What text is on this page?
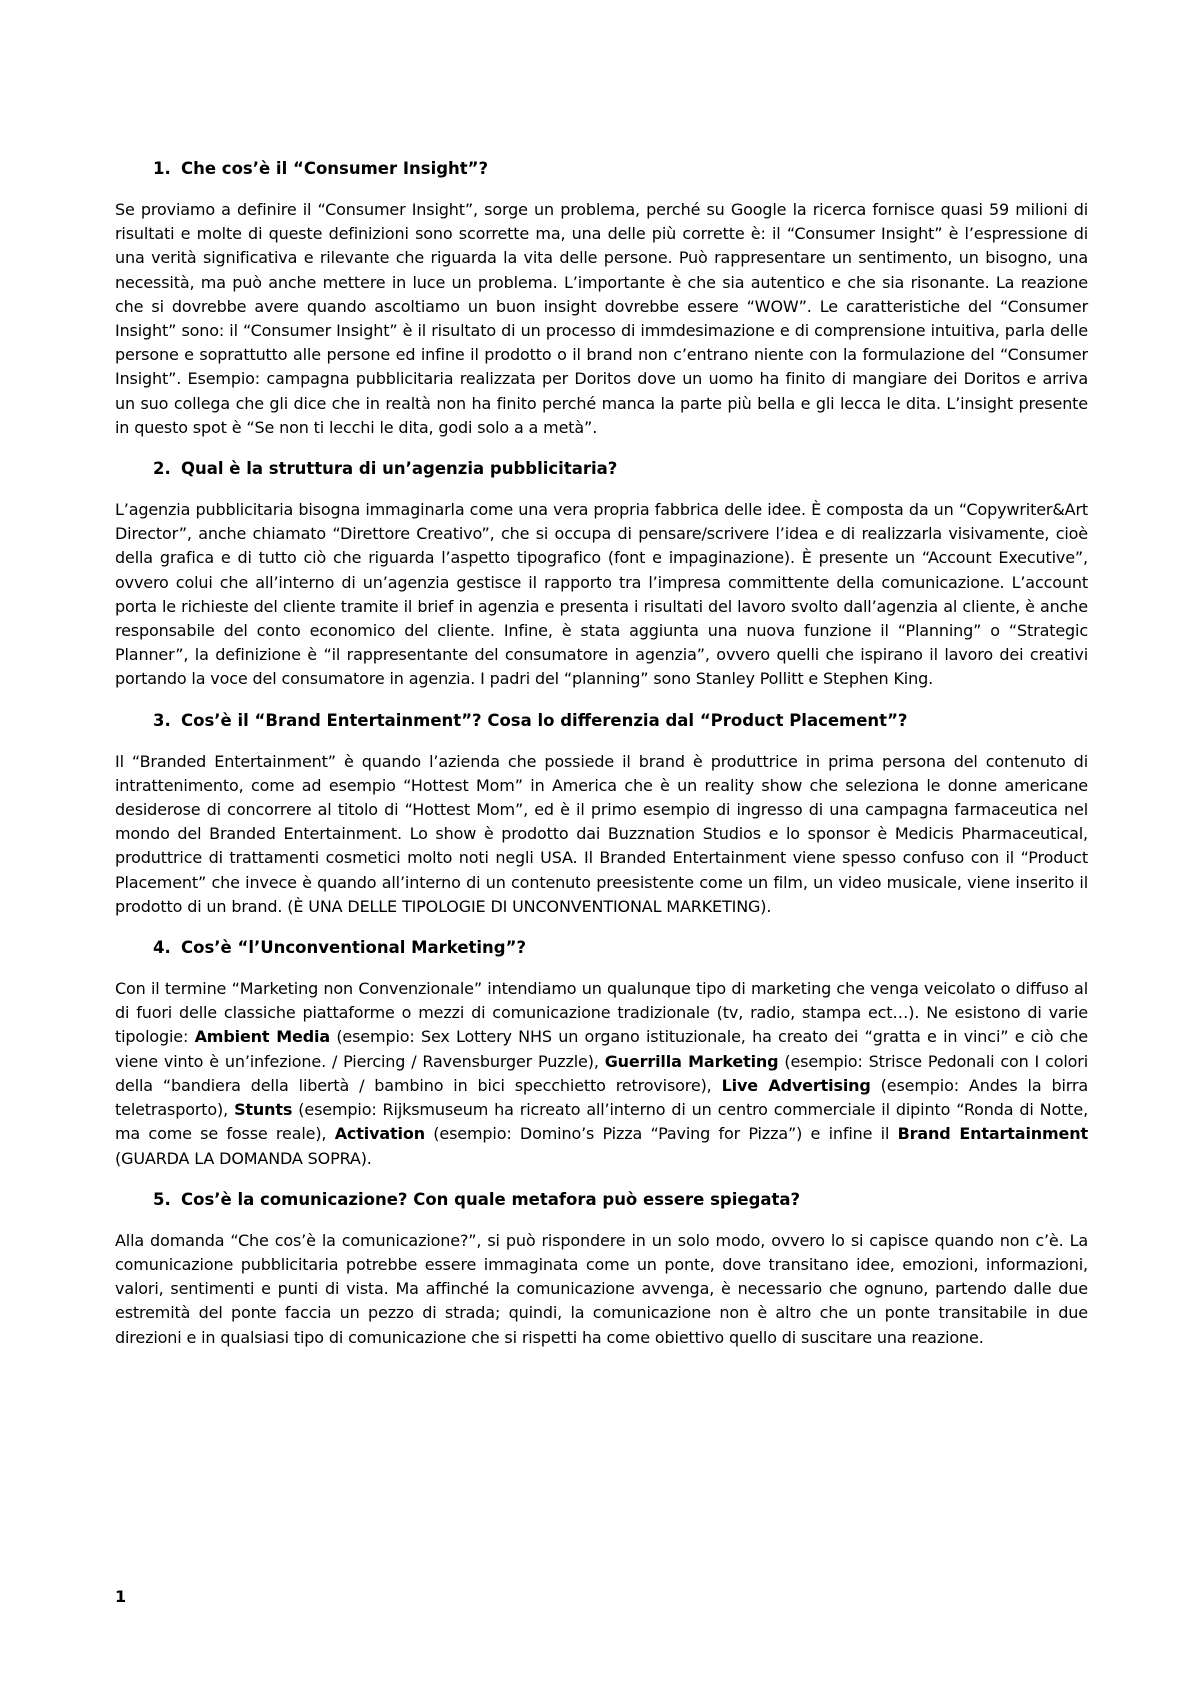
1. Che cos’è il “Consumer Insight”?

Se proviamo a definire il “Consumer Insight”, sorge un problema, perché su Google la ricerca fornisce quasi 59 milioni di risultati e molte di queste definizioni sono scorrette ma, una delle più corrette è: il “Consumer Insight” è l’espressione di una verità significativa e rilevante che riguarda la vita delle persone. Può rappresentare un sentimento, un bisogno, una necessità, ma può anche mettere in luce un problema. L’importante è che sia autentico e che sia risonante. La reazione che si dovrebbe avere quando ascoltiamo un buon insight dovrebbe essere “WOW”. Le caratteristiche del “Consumer Insight” sono: il “Consumer Insight” è il risultato di un processo di immdesimazione e di comprensione intuitiva, parla delle persone e soprattutto alle persone ed infine il prodotto o il brand non c’entrano niente con la formulazione del “Consumer Insight”. Esempio: campagna pubblicitaria realizzata per Doritos dove un uomo ha finito di mangiare dei Doritos e arriva un suo collega che gli dice che in realtà non ha finito perché manca la parte più bella e gli lecca le dita. L’insight presente in questo spot è “Se non ti lecchi le dita, godi solo a a metà”.

2. Qual è la struttura di un’agenzia pubblicitaria?

L’agenzia pubblicitaria bisogna immaginarla come una vera propria fabbrica delle idee. È composta da un “Copywriter&Art Director”, anche chiamato “Direttore Creativo”, che si occupa di pensare/scrivere l’idea e di realizzarla visivamente, cioè della grafica e di tutto ciò che riguarda l’aspetto tipografico (font e impaginazione). È presente un “Account Executive”, ovvero colui che all’interno di un’agenzia gestisce il rapporto tra l’impresa committente della comunicazione. L’account porta le richieste del cliente tramite il brief in agenzia e presenta i risultati del lavoro svolto dall’agenzia al cliente, è anche responsabile del conto economico del cliente. Infine, è stata aggiunta una nuova funzione il “Planning” o “Strategic Planner”, la definizione è “il rappresentante del consumatore in agenzia”, ovvero quelli che ispirano il lavoro dei creativi portando la voce del consumatore in agenzia. I padri del “planning” sono Stanley Pollitt e Stephen King.

3. Cos’è il “Brand Entertainment”? Cosa lo differenzia dal “Product Placement”?

Il “Branded Entertainment” è quando l’azienda che possiede il brand è produttrice in prima persona del contenuto di intrattenimento, come ad esempio “Hottest Mom” in America che è un reality show che seleziona le donne americane desiderose di concorrere al titolo di “Hottest Mom”, ed è il primo esempio di ingresso di una campagna farmaceutica nel mondo del Branded Entertainment. Lo show è prodotto dai Buzznation Studios e lo sponsor è Medicis Pharmaceutical, produttrice di trattamenti cosmetici molto noti negli USA. Il Branded Entertainment viene spesso confuso con il “Product Placement” che invece è quando all’interno di un contenuto preesistente come un film, un video musicale, viene inserito il prodotto di un brand. (È UNA DELLE TIPOLOGIE DI UNCONVENTIONAL MARKETING).

4. Cos’è “l’Unconventional Marketing”?

Con il termine “Marketing non Convenzionale” intendiamo un qualunque tipo di marketing che venga veicolato o diffuso al di fuori delle classiche piattaforme o mezzi di comunicazione tradizionale (tv, radio, stampa ect…). Ne esistono di varie tipologie: Ambient Media (esempio: Sex Lottery NHS un organo istituzionale, ha creato dei “gratta e in vinci” e ciò che viene vinto è un’infezione. / Piercing / Ravensburger Puzzle), Guerrilla Marketing (esempio: Strisce Pedonali con I colori della “bandiera della libertà / bambino in bici specchietto retrovisore), Live Advertising (esempio: Andes la birra teletrasporto), Stunts (esempio: Rijksmuseum ha ricreato all’interno di un centro commerciale il dipinto “Ronda di Notte, ma come se fosse reale), Activation (esempio: Domino’s Pizza “Paving for Pizza”) e infine il Brand Entartainment (GUARDA LA DOMANDA SOPRA).

5. Cos’è la comunicazione? Con quale metafora può essere spiegata?

Alla domanda “Che cos’è la comunicazione?”, si può rispondere in un solo modo, ovvero lo si capisce quando non c’è. La comunicazione pubblicitaria potrebbe essere immaginata come un ponte, dove transitano idee, emozioni, informazioni, valori, sentimenti e punti di vista. Ma affinché la comunicazione avvenga, è necessario che ognuno, partendo dalle due estremità del ponte faccia un pezzo di strada; quindi, la comunicazione non è altro che un ponte transitabile in due direzioni e in qualsiasi tipo di comunicazione che si rispetti ha come obiettivo quello di suscitare una reazione.

1
